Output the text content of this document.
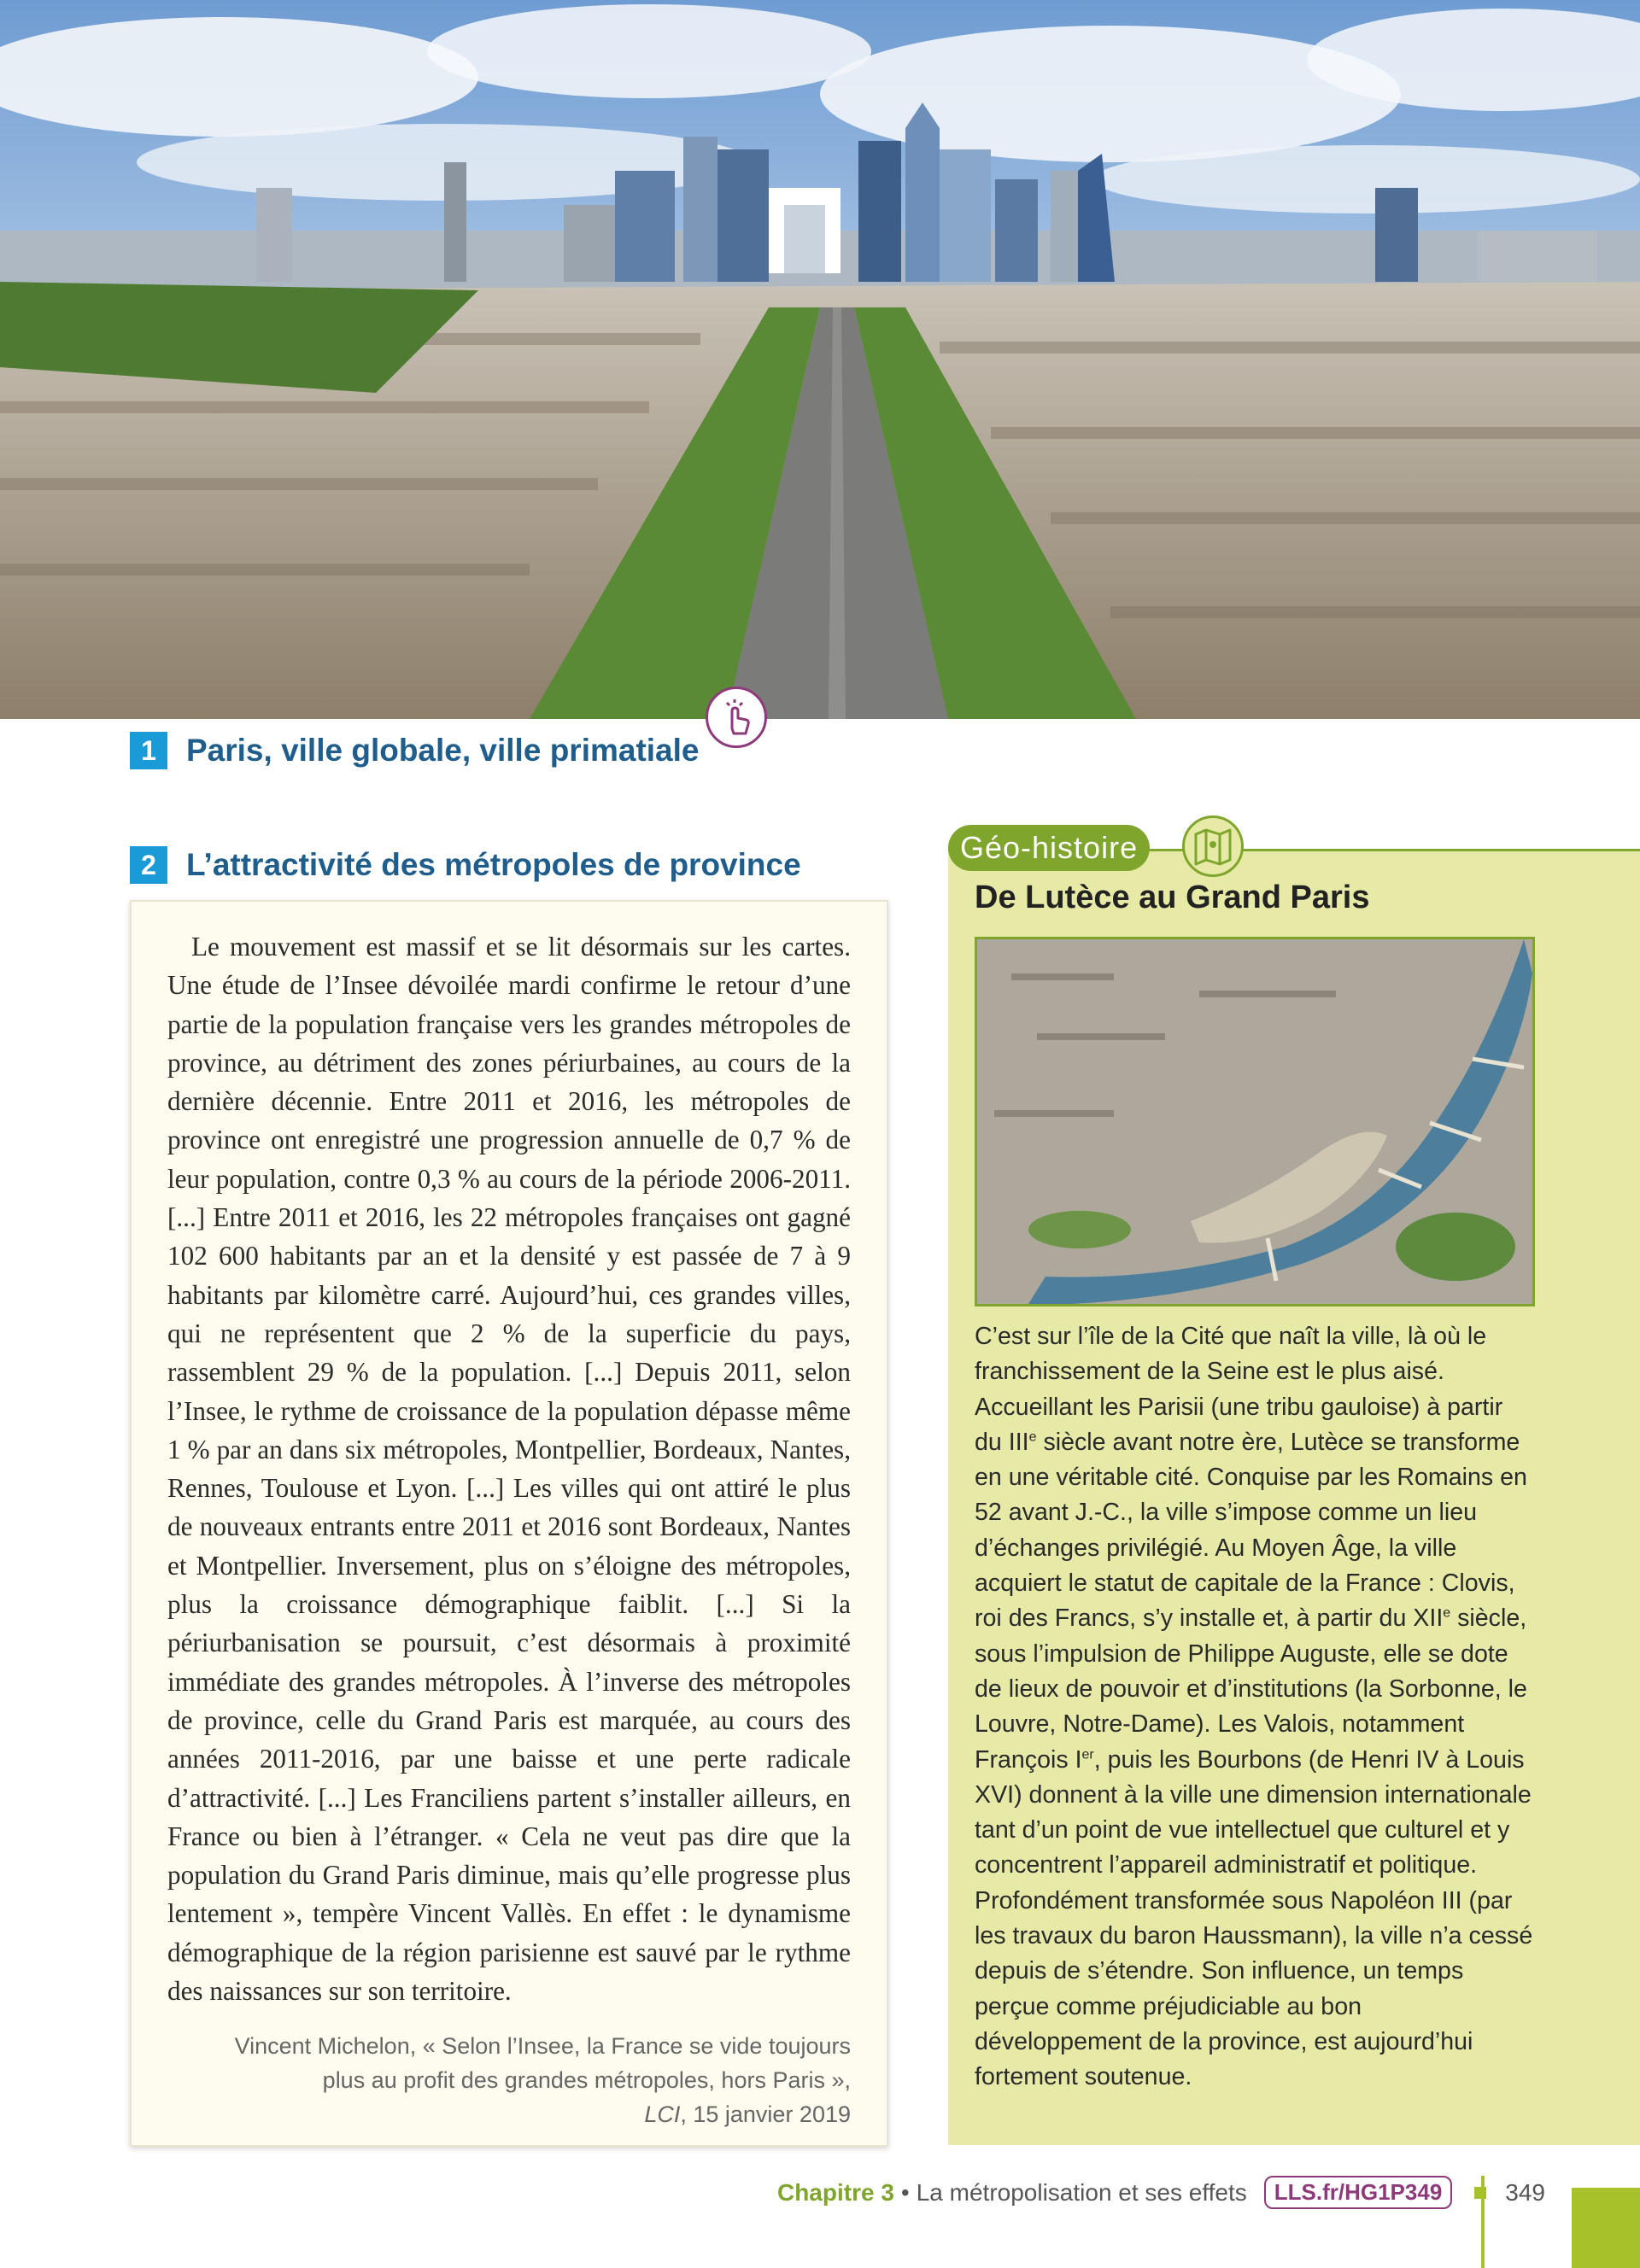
1 Paris, ville globale, ville primatiale
2 L’attractivité des métropoles de province

Le mouvement est massif et se lit désormais sur les cartes. Une étude de l’Insee dévoilée mardi confirme le retour d’une partie de la population française vers les grandes métropoles de province, au détriment des zones périurbaines, au cours de la dernière décennie. Entre 2011 et 2016, les métropoles de province ont enregistré une progression annuelle de 0,7 % de leur population, contre 0,3 % au cours de la période 2006-2011. [...] Entre 2011 et 2016, les 22 métropoles françaises ont gagné 102 600 habitants par an et la densité y est passée de 7 à 9 habitants par kilomètre carré. Aujourd’hui, ces grandes villes, qui ne représentent que 2 % de la superficie du pays, rassemblent 29 % de la population. [...] Depuis 2011, selon l’Insee, le rythme de croissance de la population dépasse même 1 % par an dans six métropoles, Montpellier, Bordeaux, Nantes, Rennes, Toulouse et Lyon. [...] Les villes qui ont attiré le plus de nouveaux entrants entre 2011 et 2016 sont Bordeaux, Nantes et Montpellier. Inversement, plus on s’éloigne des métropoles, plus la croissance démographique faiblit. [...] Si la périurbanisation se poursuit, c’est désormais à proximité immédiate des grandes métropoles. À l’inverse des métropoles de province, celle du Grand Paris est marquée, au cours des années 2011-2016, par une baisse et une perte radicale d’attractivité. [...] Les Franciliens partent s’installer ailleurs, en France ou bien à l’étranger. « Cela ne veut pas dire que la population du Grand Paris diminue, mais qu’elle progresse plus lentement », tempère Vincent Vallès. En effet : le dynamisme démographique de la région parisienne est sauvé par le rythme des naissances sur son territoire.

Vincent Michelon, « Selon l’Insee, la France se vide toujours
plus au profit des grandes métropoles, hors Paris »,
LCI, 15 janvier 2019
Géo-histoire
De Lutèce au Grand Paris

C’est sur l’île de la Cité que naît la ville, là où le franchissement de la Seine est le plus aisé. Accueillant les Parisii (une tribu gauloise) à partir du IIIe siècle avant notre ère, Lutèce se transforme en une véritable cité. Conquise par les Romains en 52 avant J.-C., la ville s’impose comme un lieu d’échanges privilégié. Au Moyen Âge, la ville acquiert le statut de capitale de la France : Clovis, roi des Francs, s’y installe et, à partir du XIIe siècle, sous l’impulsion de Philippe Auguste, elle se dote de lieux de pouvoir et d’institutions (la Sorbonne, le Louvre, Notre-Dame). Les Valois, notamment François Ier, puis les Bourbons (de Henri IV à Louis XVI) donnent à la ville une dimension internationale tant d’un point de vue intellectuel que culturel et y concentrent l’appareil administratif et politique. Profondément transformée sous Napoléon III (par les travaux du baron Haussmann), la ville n’a cessé depuis de s’étendre. Son influence, un temps perçue comme préjudiciable au bon développement de la province, est aujourd’hui fortement soutenue.

Chapitre 3 • La métropolisation et ses effets	LLS.fr/HG1P349	349
